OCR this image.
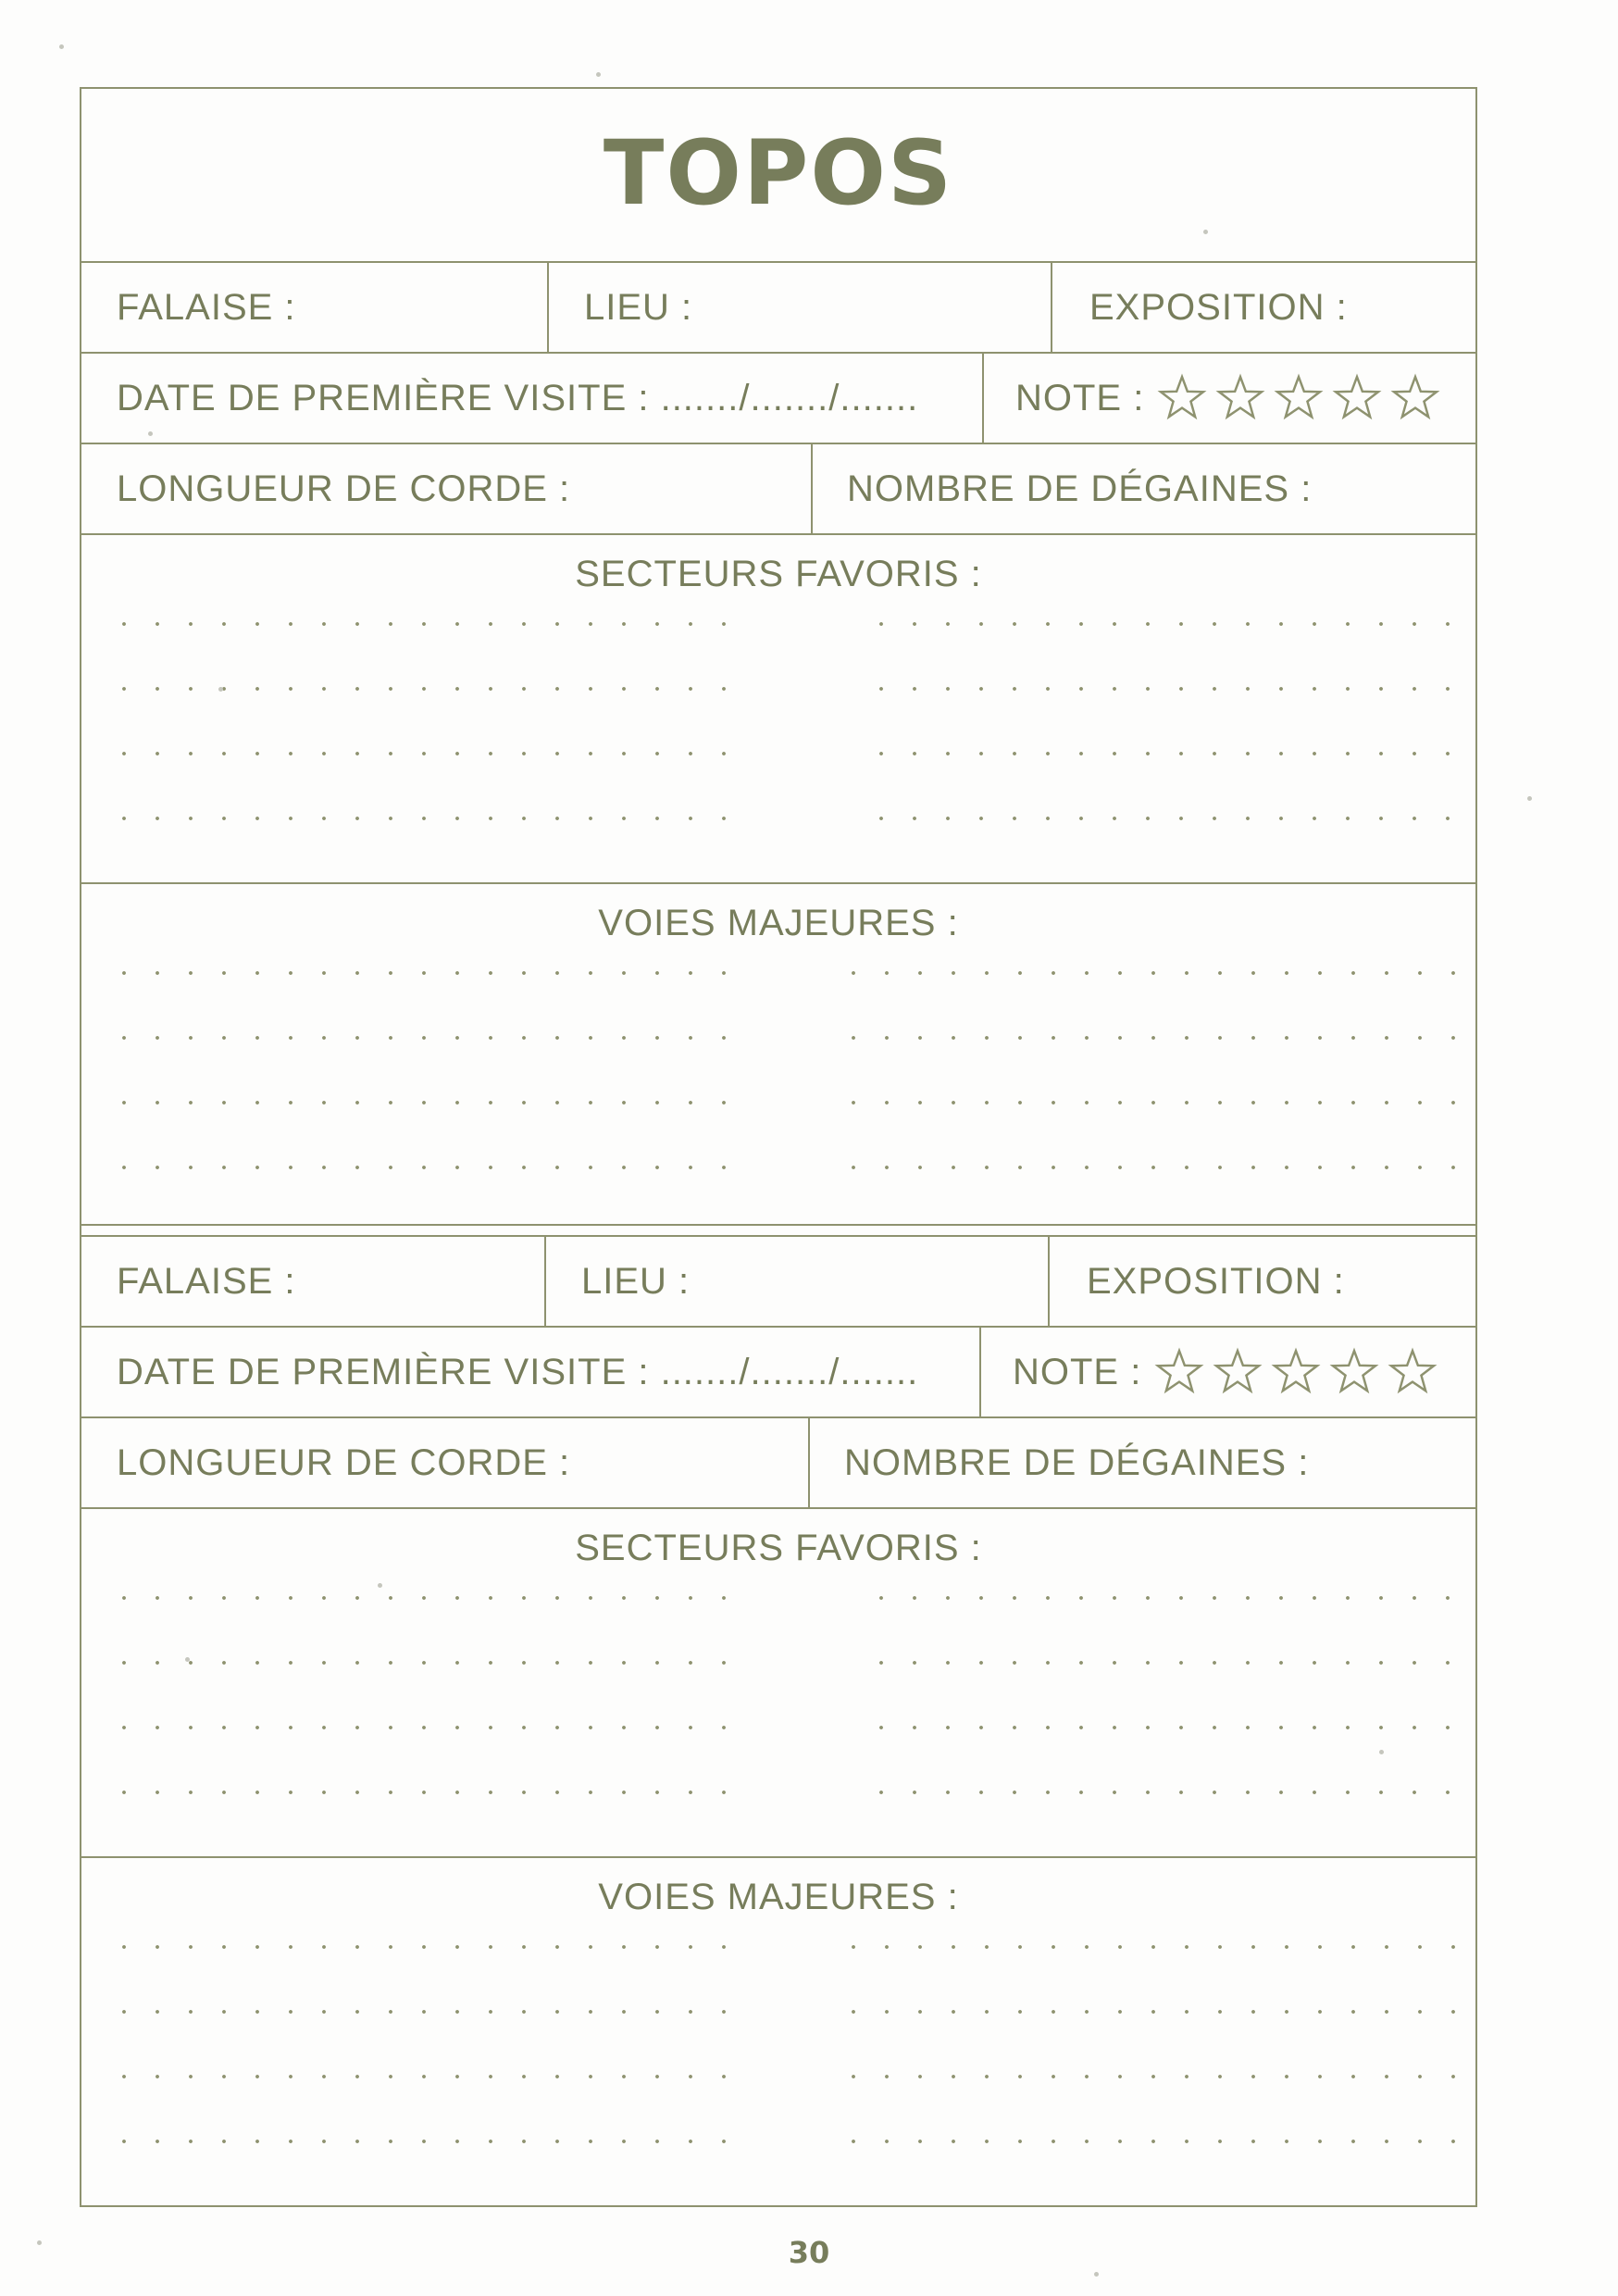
TOPOS
FALAISE :	LIEU :	EXPOSITION :
DATE DE PREMIÈRE VISITE : ......./......./.......	NOTE :
LONGUEUR DE CORDE :	NOMBRE DE DÉGAINES :
SECTEURS FAVORIS :
VOIES MAJEURES :
FALAISE :	LIEU :	EXPOSITION :
DATE DE PREMIÈRE VISITE : ......./......./.......	NOTE :
LONGUEUR DE CORDE :	NOMBRE DE DÉGAINES :
SECTEURS FAVORIS :
VOIES MAJEURES :
30
